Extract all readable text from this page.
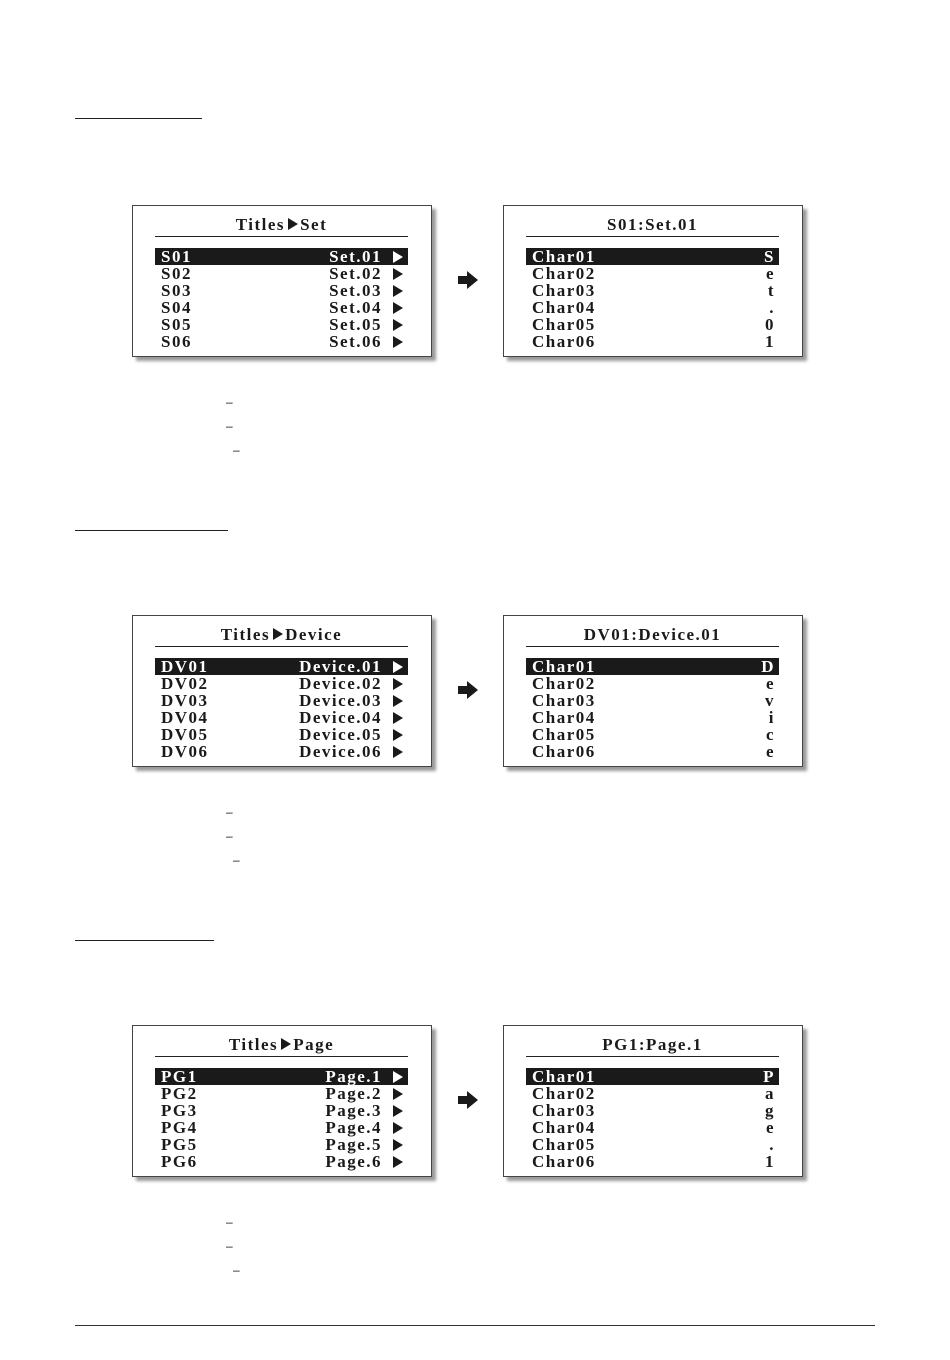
Titles Set
S01	Set.01
S02	Set.02
S03	Set.03
S04	Set.04
S05	Set.05
S06	Set.06
S01:Set.01
Char01	S
Char02	e
Char03	t
Char04	.
Char05	0
Char06	1
–
–
–
Titles Device
DV01	Device.01
DV02	Device.02
DV03	Device.03
DV04	Device.04
DV05	Device.05
DV06	Device.06
DV01:Device.01
Char01	D
Char02	e
Char03	v
Char04	i
Char05	c
Char06	e
–
–
–
Titles Page
PG1	Page.1
PG2	Page.2
PG3	Page.3
PG4	Page.4
PG5	Page.5
PG6	Page.6
PG1:Page.1
Char01	P
Char02	a
Char03	g
Char04	e
Char05	.
Char06	1
–
–
–
